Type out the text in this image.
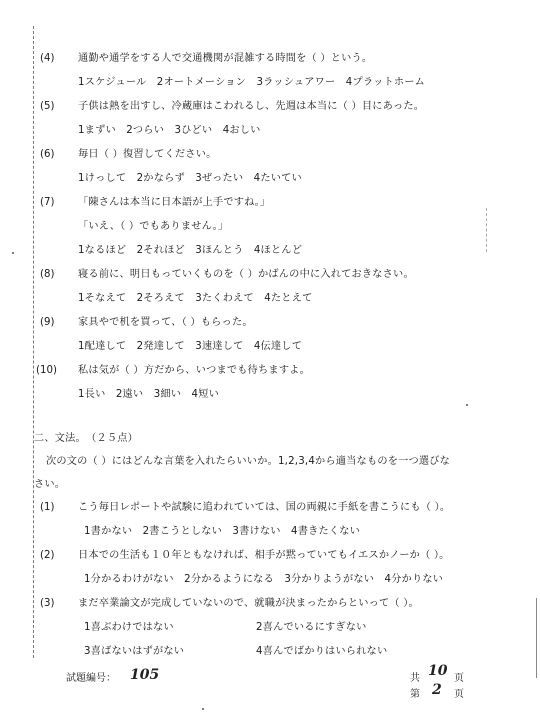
(4) 通勤や通学をする人で交通機関が混雑する時間を（ ）という。
1スケジュール　2オートメーション　3ラッシュアワー　4プラットホーム
(5) 子供は熱を出すし、冷蔵庫はこわれるし、先週は本当に（ ）目にあった。
1まずい　2つらい　3ひどい　4おしい
(6) 毎日（ ）復習してください。
1けっして　2かならず　3ぜったい　4たいてい
(7) 「陳さんは本当に日本語が上手ですね。」
「いえ、（ ）でもありません。」
1なるほど　2それほど　3ほんとう　4ほとんど
(8) 寝る前に、明日もっていくものを（ ）かばんの中に入れておきなさい。
1そなえて　2そろえて　3たくわえて　4たとえて
(9) 家具やで机を買って、（ ）もらった。
1配達して　2発達して　3速達して　4伝達して
(10) 私は気が（ ）方だから、いつまでも待ちますよ。
1長い　2遠い　3細い　4短い
二、文法。　（２５点）
次の文の（ ）にはどんな言葉を入れたらいいか。1,2,3,4から適当なものを一つ選びな
さい。
(1) こう毎日レポートや試験に追われていては、国の両親に手紙を書こうにも（ ）。
1書かない　2書こうとしない　3書けない　4書きたくない
(2) 日本での生活も１０年ともなければ、相手が黙っていてもイエスかノーか（ ）。
1分かるわけがない　2分かるようになる　3分かりようがない　4分かりない
(3) まだ卒業論文が完成していないので、就職が決まったからといって（ ）。
1喜ぶわけではない	2喜んでいるにすぎない
3喜ばないはずがない	4喜んでばかりはいられない
試題編号： 105	共 10 页
第 2 页
